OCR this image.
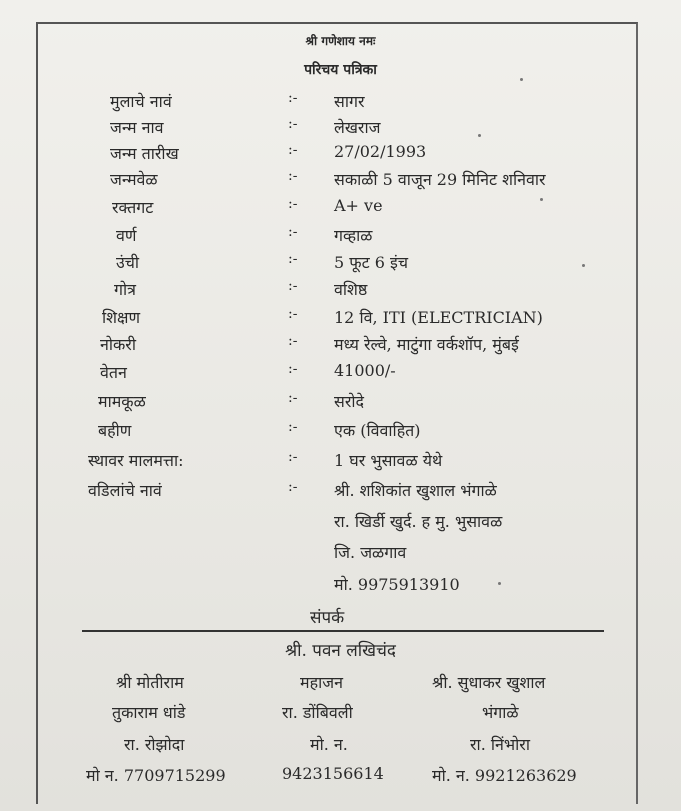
श्री गणेशाय नमः
परिचय पत्रिका
मुलाचे नावं	:- सागर
जन्म नाव	:- लेखराज
जन्म तारीख	:- 27/02/1993
जन्मवेळ	:- सकाळी 5 वाजून 29 मिनिट शनिवार
रक्तगट	:- A+ ve
वर्ण	:- गव्हाळ
उंची	:- 5 फूट 6 इंच
गोत्र	:- वशिष्ठ
शिक्षण	:- 12 वि, ITI (ELECTRICIAN)
नोकरी	:- मध्य रेल्वे, माटुंगा वर्कशॉप, मुंबई
वेतन	:- 41000/-
मामकूळ	:- सरोदे
बहीण	:- एक (विवाहित)
स्थावर मालमत्ता:	:- 1 घर भुसावळ येथे
वडिलांचे नावं	:- श्री. शशिकांत खुशाल भंगाळे
रा. खिर्डी खुर्द. ह मु. भुसावळ
जि. जळगाव
मो. 9975913910
संपर्क
श्री. पवन लखिचंद
श्री मोतीराम	महाजन	श्री. सुधाकर खुशाल
तुकाराम धांडे	रा. डोंबिवली	भंगाळे
रा. रोझोदा	मो. न.	रा. निंभोरा
मो न. 7709715299	9423156614	मो. न. 9921263629
